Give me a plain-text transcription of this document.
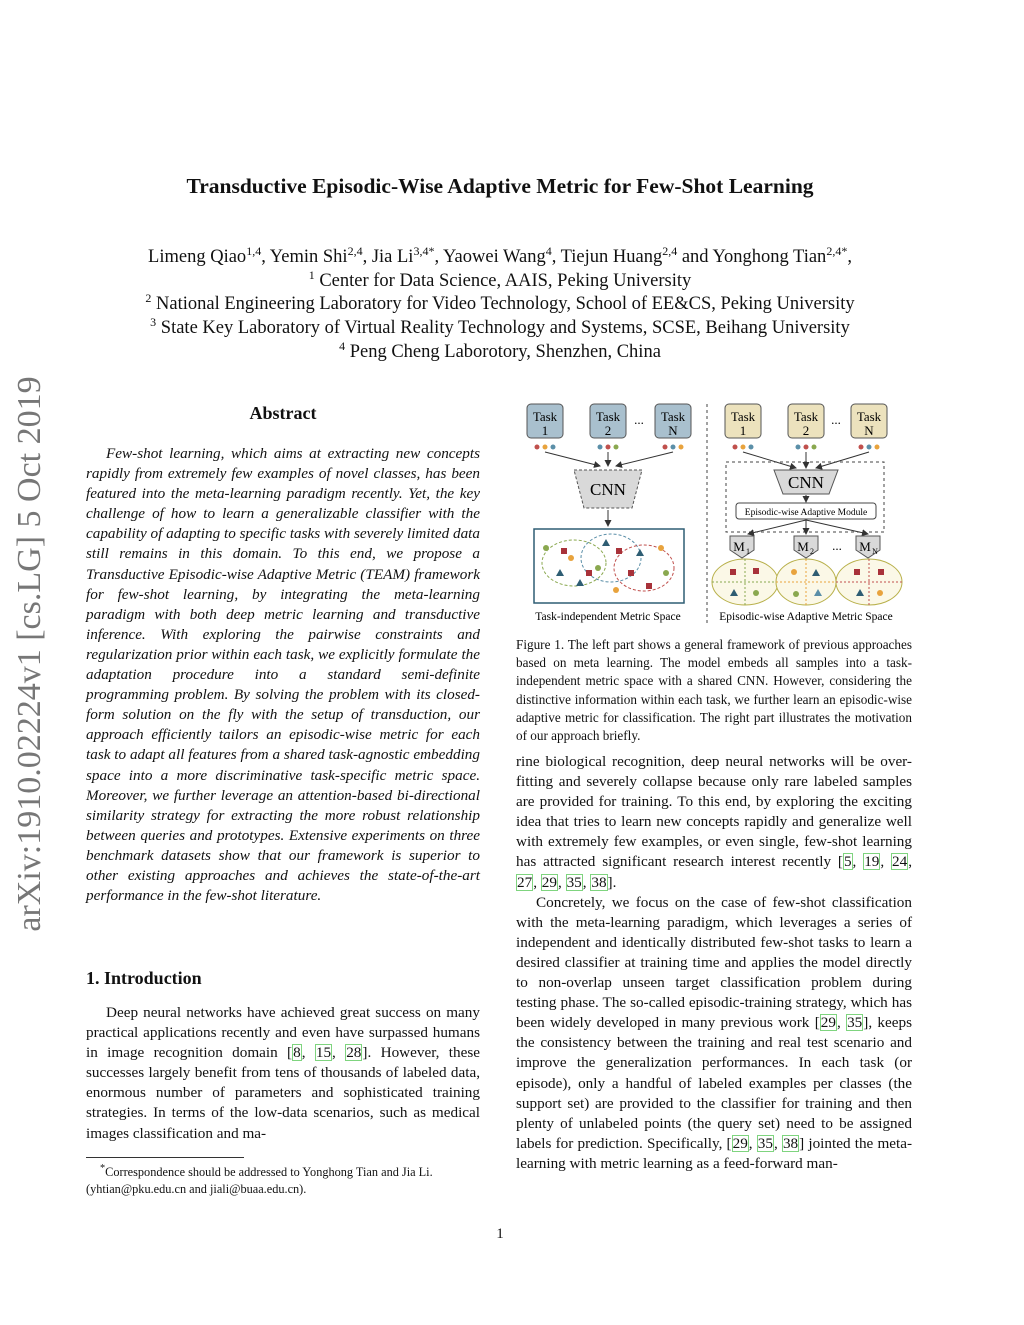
arXiv:1910.02224v1 [cs.LG] 5 Oct 2019
Transductive Episodic-Wise Adaptive Metric for Few-Shot Learning
Limeng Qiao$^{1,4}$, Yemin Shi$^{2,4}$, Jia $Li^{3,4*}$, Yaowei Wang$^4$, Tiejun Huang$^{2,4}$ and Yonghong Tian$^{2,4*}$,
$^1$ Center for Data Science, AAIS, Peking University
$^2$ National Engineering Laboratory for Video Technology, School of EE&CS, Peking University
$^3$ State Key Laboratory of Virtual Reality Technology and Systems, SCSE, Beihang University
$^4$ Peng Cheng Laborotory, Shenzhen, China
Abstract
Few-shot learning, which aims at extracting new concepts rapidly from extremely few examples of novel classes, has been featured into the meta-learning paradigm recently. Yet, the key challenge of how to learn a generalizable classifier with the capability of adapting to specific tasks with severely limited data still remains in this domain. To this end, we propose a Transductive Episodic-wise Adaptive Metric (TEAM) framework for few-shot learning, by integrating the meta-learning paradigm with both deep metric learning and transductive inference. With exploring the pairwise constraints and regularization prior within each task, we explicitly formulate the adaptation procedure into a standard semi-definite programming problem. By solving the problem with its closed-form solution on the fly with the setup of transduction, our approach efficiently tailors an episodic-wise metric for each task to adapt all features from a shared task-agnostic embedding space into a more discriminative task-specific metric space. Moreover, we further leverage an attention-based bi-directional similarity strategy for extracting the more robust relationship between queries and prototypes. Extensive experiments on three benchmark datasets show that our framework is superior to other existing approaches and achieves the state-of-the-art performance in the few-shot literature.
1. Introduction

Deep neural networks have achieved great success on many practical applications recently and even have surpassed humans in image recognition domain [8, 15, 28]. However, these successes largely benefit from tens of thousands of labeled data, enormous number of parameters and sophisticated training strategies. In terms of the low-data scenarios, such as medical images classification and ma-

*Correspondence should be addressed to Yonghong Tian and Jia Li. (yhtian@pku.edu.cn and jiali@buaa.edu.cn).
Task
1
Task
2
... Task
N
CNN
Task-independent Metric Space
Task
1
Task
2
... Task
N
CNN
Episodic-wise Adaptive Module
M 1	M 2 ... M N
Episodic-wise Adaptive Metric Space
Figure 1. The left part shows a general framework of previous approaches based on meta learning. The model embeds all samples into a task-independent metric space with a shared CNN. However, considering the distinctive information within each task, we further learn an episodic-wise adaptive metric for classification. The right part illustrates the motivation of our approach briefly.

rine biological recognition, deep neural networks will be over-fitting and severely collapse because only rare labeled samples are provided for training. To this end, by exploring the exciting idea that tries to learn new concepts rapidly and generalize well with extremely few examples, or even single, few-shot learning has attracted significant research interest recently [5, 19, 24, 27, 29, 35, 38].

Concretely, we focus on the case of few-shot classification with the meta-learning paradigm, which leverages a series of independent and identically distributed few-shot tasks to learn a desired classifier at training time and applies the model directly to non-overlap unseen target classification problem during testing phase. The so-called episodic-training strategy, which has been widely developed in many previous work [29, 35], keeps the consistency between the training and real test scenario and improve the generalization performances. In each task (or episode), only a handful of labeled examples per classes (the support set) are provided to the classifier for training and then plenty of unlabeled points (the query set) need to be assigned labels for prediction. Specifically, [29, 35, 38] jointed the meta-learning with metric learning as a feed-forward man-

1
